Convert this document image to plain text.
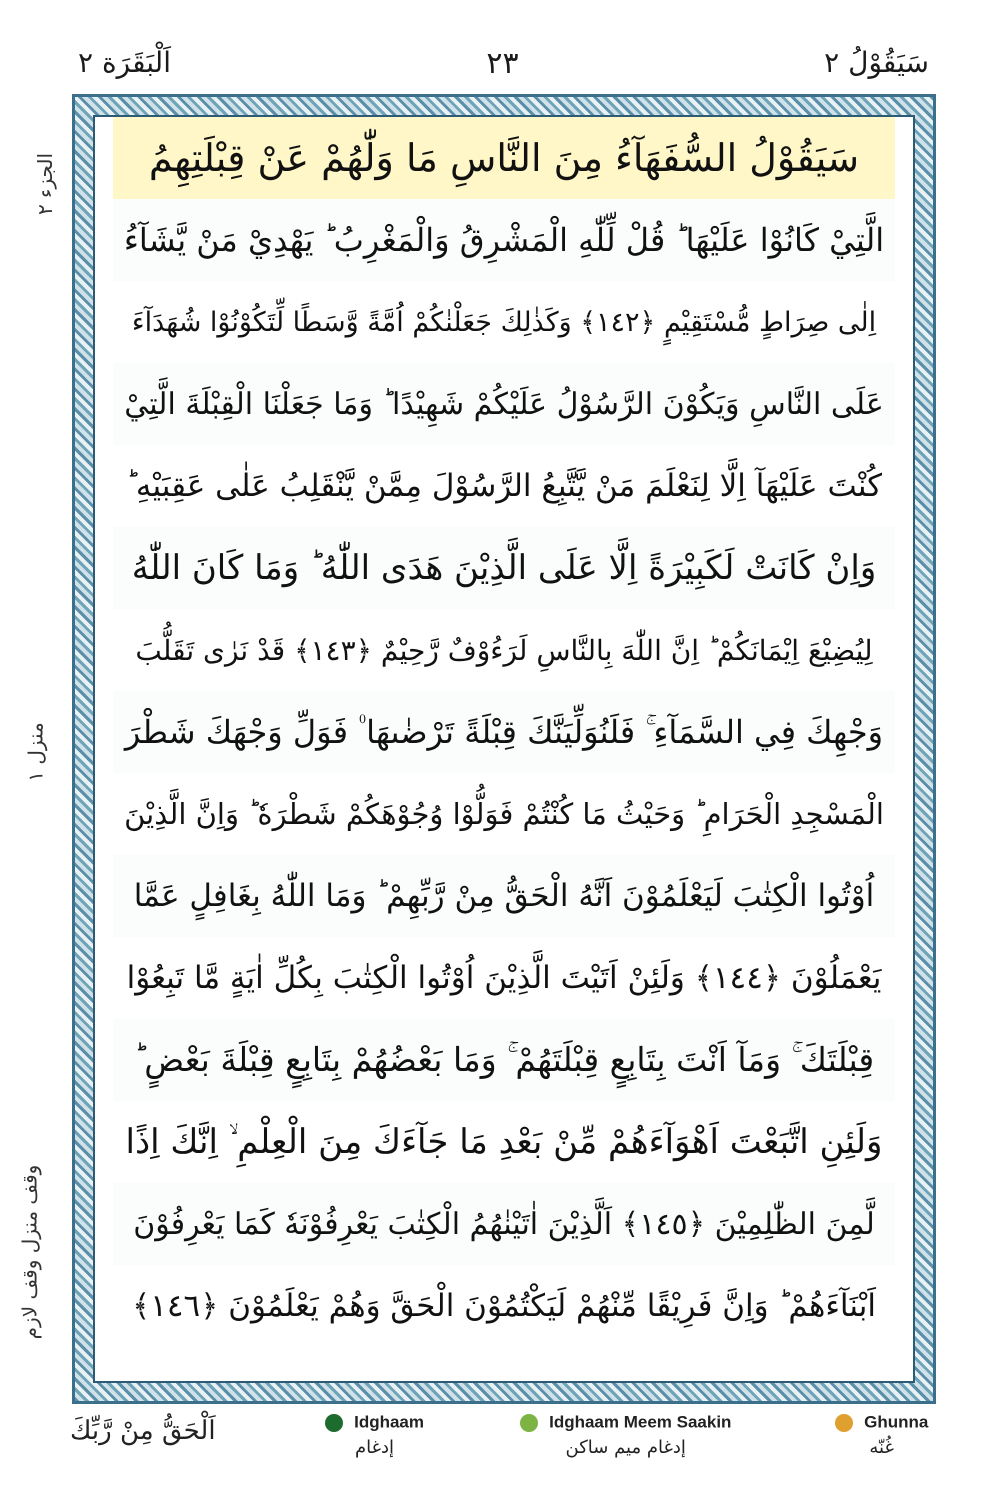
اَلْبَقَرَة ٢	٢٣	سَيَقُوْلُ ٢
الجزء ٢
منزل ١
وقف منزل وقف لازم
سَيَقُوْلُ السُّفَهَآءُ مِنَ النَّاسِ مَا وَلّٰهُمْ عَنْ قِبْلَتِهِمُ
الَّتِيْ كَانُوْا عَلَيْهَا ؕ قُلْ لِّلّٰهِ الْمَشْرِقُ وَالْمَغْرِبُ ؕ يَهْدِيْ مَنْ يَّشَآءُ
اِلٰى صِرَاطٍ مُّسْتَقِيْمٍ ﴿١٤٢﴾ وَكَذٰلِكَ جَعَلْنٰكُمْ اُمَّةً وَّسَطًا لِّتَكُوْنُوْا شُهَدَآءَ
عَلَى النَّاسِ وَيَكُوْنَ الرَّسُوْلُ عَلَيْكُمْ شَهِيْدًا ؕ وَمَا جَعَلْنَا الْقِبْلَةَ الَّتِيْ
كُنْتَ عَلَيْهَآ اِلَّا لِنَعْلَمَ مَنْ يَّتَّبِعُ الرَّسُوْلَ مِمَّنْ يَّنْقَلِبُ عَلٰى عَقِبَيْهِ ؕ
وَاِنْ كَانَتْ لَكَبِيْرَةً اِلَّا عَلَى الَّذِيْنَ هَدَى اللّٰهُ ؕ وَمَا كَانَ اللّٰهُ
لِيُضِيْعَ اِيْمَانَكُمْ ؕ اِنَّ اللّٰهَ بِالنَّاسِ لَرَءُوْفٌ رَّحِيْمٌ ﴿١٤٣﴾ قَدْ نَرٰى تَقَلُّبَ
وَجْهِكَ فِي السَّمَآءِ ۚ فَلَنُوَلِّيَنَّكَ قِبْلَةً تَرْضٰىهَا ۠ فَوَلِّ وَجْهَكَ شَطْرَ
الْمَسْجِدِ الْحَرَامِ ؕ وَحَيْثُ مَا كُنْتُمْ فَوَلُّوْا وُجُوْهَكُمْ شَطْرَهٗ ؕ وَاِنَّ الَّذِيْنَ
اُوْتُوا الْكِتٰبَ لَيَعْلَمُوْنَ اَنَّهُ الْحَقُّ مِنْ رَّبِّهِمْ ؕ وَمَا اللّٰهُ بِغَافِلٍ عَمَّا
يَعْمَلُوْنَ ﴿١٤٤﴾ وَلَئِنْ اَتَيْتَ الَّذِيْنَ اُوْتُوا الْكِتٰبَ بِكُلِّ اٰيَةٍ مَّا تَبِعُوْا
قِبْلَتَكَ ۚ وَمَآ اَنْتَ بِتَابِعٍ قِبْلَتَهُمْ ۚ وَمَا بَعْضُهُمْ بِتَابِعٍ قِبْلَةَ بَعْضٍ ؕ
وَلَئِنِ اتَّبَعْتَ اَهْوَآءَهُمْ مِّنْ بَعْدِ مَا جَآءَكَ مِنَ الْعِلْمِ ۙ اِنَّكَ اِذًا
لَّمِنَ الظّٰلِمِيْنَ ﴿١٤٥﴾ اَلَّذِيْنَ اٰتَيْنٰهُمُ الْكِتٰبَ يَعْرِفُوْنَهٗ كَمَا يَعْرِفُوْنَ
اَبْنَآءَهُمْ ؕ وَاِنَّ فَرِيْقًا مِّنْهُمْ لَيَكْتُمُوْنَ الْحَقَّ وَهُمْ يَعْلَمُوْنَ ﴿١٤٦﴾
اَلْحَقُّ مِنْ رَّبِّكَ	Idghaam
إدغام
Idghaam Meem Saakin
إدغام ميم ساكن
Ghunna
غُنّه
